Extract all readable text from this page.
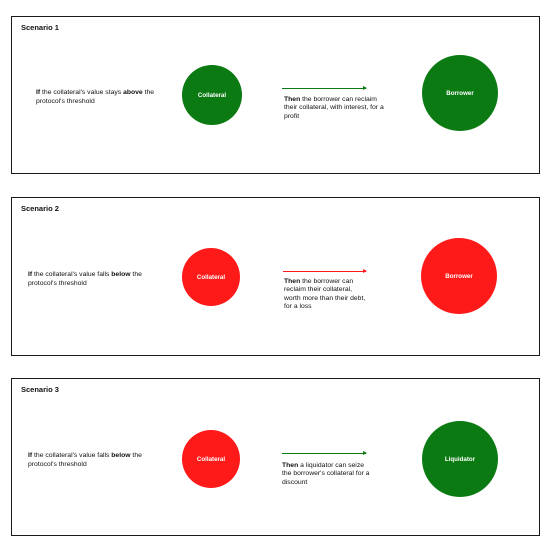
Scenario 1
If the collateral's value stays above the protocol's threshold
Collateral
Then the borrower can reclaim their collateral, with interest, for a profit
Borrower
Scenario 2
If the collateral's value falls below the protocol's threshold
Collateral
Then the borrower can reclaim their collateral, worth more than their debt, for a loss
Borrower
Scenario 3
If the collateral's value falls below the protocol's threshold
Collateral
Then a liquidator can seize the borrower's collateral for a discount
Liquidator
